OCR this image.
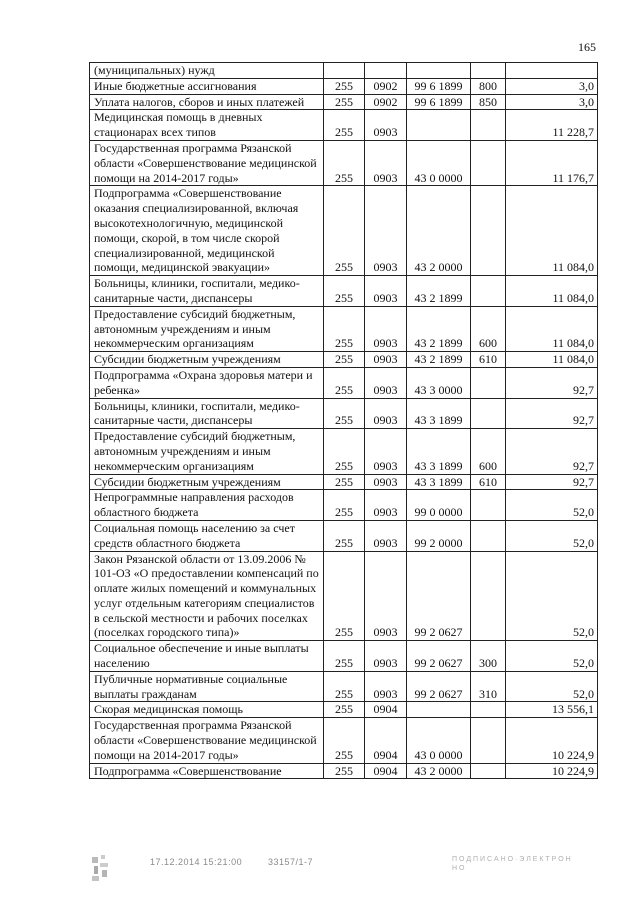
165
(муниципальных) нужд					
Иные бюджетные ассигнования	255	0902	99 6 1899	800	3,0
Уплата налогов, сборов и иных платежей	255	0902	99 6 1899	850	3,0
Медицинская помощь в дневных стационарах всех типов	255	0903			11 228,7
Государственная программа Рязанской области «Совершенствование медицинской помощи на 2014-2017 годы»	255	0903	43 0 0000		11 176,7
Подпрограмма «Совершенствование оказания специализированной, включая высокотехнологичную, медицинской помощи, скорой, в том числе скорой специализированной, медицинской помощи, медицинской эвакуации»	255	0903	43 2 0000		11 084,0
Больницы, клиники, госпитали, медико-санитарные части, диспансеры	255	0903	43 2 1899		11 084,0
Предоставление субсидий бюджетным, автономным учреждениям и иным некоммерческим организациям	255	0903	43 2 1899	600	11 084,0
Субсидии бюджетным учреждениям	255	0903	43 2 1899	610	11 084,0
Подпрограмма «Охрана здоровья матери и ребенка»	255	0903	43 3 0000		92,7
Больницы, клиники, госпитали, медико-санитарные части, диспансеры	255	0903	43 3 1899		92,7
Предоставление субсидий бюджетным, автономным учреждениям и иным некоммерческим организациям	255	0903	43 3 1899	600	92,7
Субсидии бюджетным учреждениям	255	0903	43 3 1899	610	92,7
Непрограммные направления расходов областного бюджета	255	0903	99 0 0000		52,0
Социальная помощь населению за счет средств областного бюджета	255	0903	99 2 0000		52,0
Закон Рязанской области от 13.09.2006 № 101-ОЗ «О предоставлении компенсаций по оплате жилых помещений и коммунальных услуг отдельным категориям специалистов в сельской местности и рабочих поселках (поселках городского типа)»	255	0903	99 2 0627		52,0
Социальное обеспечение и иные выплаты населению	255	0903	99 2 0627	300	52,0
Публичные нормативные социальные выплаты гражданам	255	0903	99 2 0627	310	52,0
Скорая медицинская помощь	255	0904			13 556,1
Государственная программа Рязанской области «Совершенствование медицинской помощи на 2014-2017 годы»	255	0904	43 0 0000		10 224,9
Подпрограмма «Совершенствование	255	0904	43 2 0000		10 224,9
17.12.2014 15:21:00	33157/1-7	П О Д П И С А Н О · Э Л Е К Т Р О Н Н О
